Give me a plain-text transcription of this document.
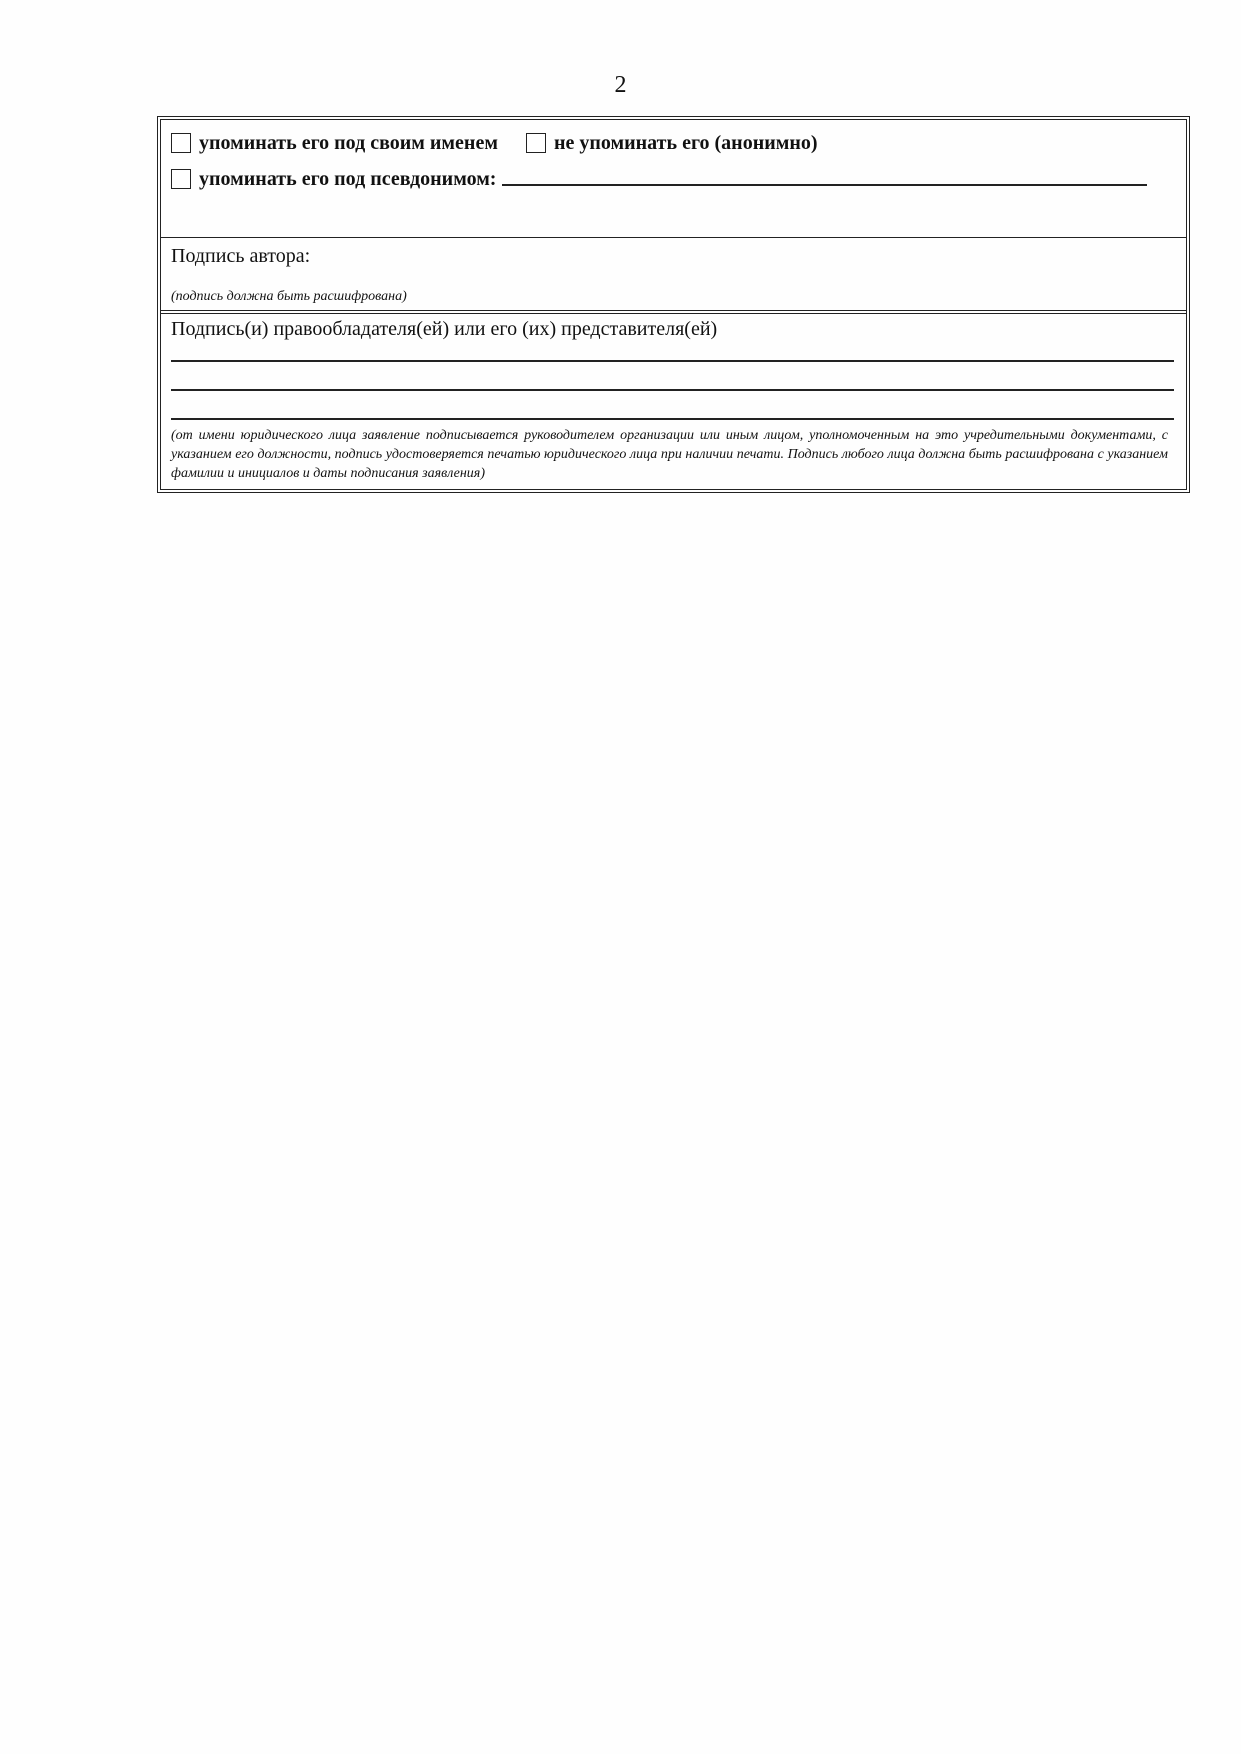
2
упоминать его под своим именем	не упоминать его (анонимно)
упоминать его под псевдонимом:
Подпись автора:
(подпись должна быть расшифрована)
Подпись(и) правообладателя(ей) или его (их) представителя(ей)
(от имени юридического лица заявление подписывается руководителем организации или иным лицом, уполномоченным на это учредительными документами, с указанием его должности, подпись удостоверяется печатью юридического лица при наличии печати. Подпись любого лица должна быть расшифрована с указанием фамилии и инициалов и даты подписания заявления)
